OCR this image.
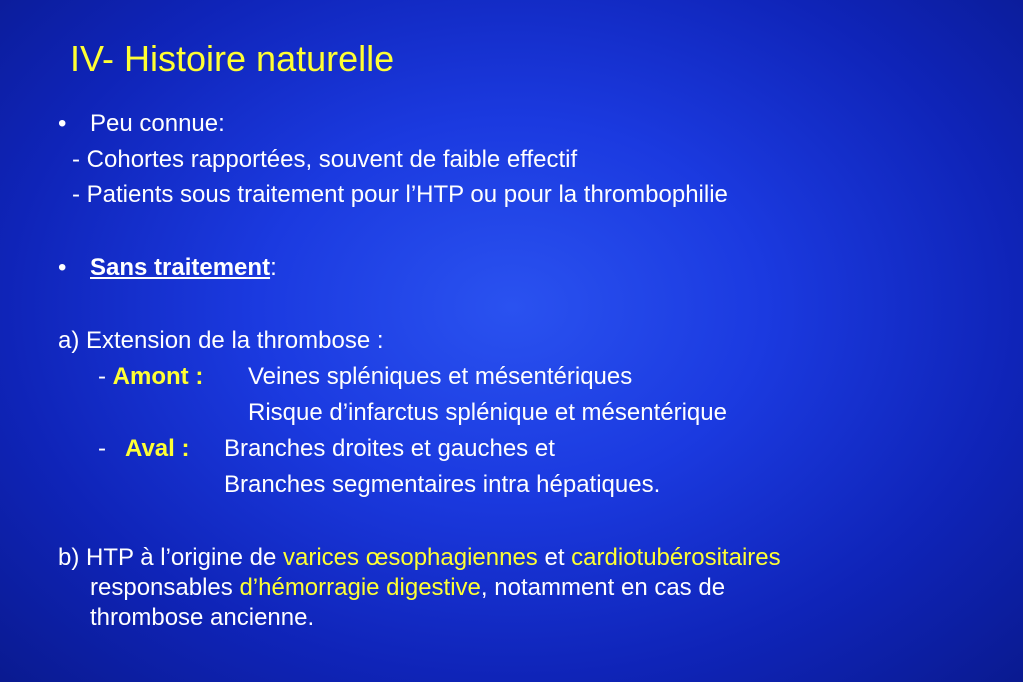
IV- Histoire naturelle
• Peu connue:
- Cohortes rapportées, souvent de faible effectif
- Patients sous traitement pour l’HTP ou pour la thrombophilie
• Sans traitement:
a) Extension de la thrombose :
- Amont : Veines spléniques et mésentériques
Risque d’infarctus splénique et mésentérique
- Aval : Branches droites et gauches et
Branches segmentaires intra hépatiques.
b) HTP à l’origine de varices œsophagiennes et cardiotubérositaires
responsables d’hémorragie digestive, notamment en cas de
thrombose ancienne.
